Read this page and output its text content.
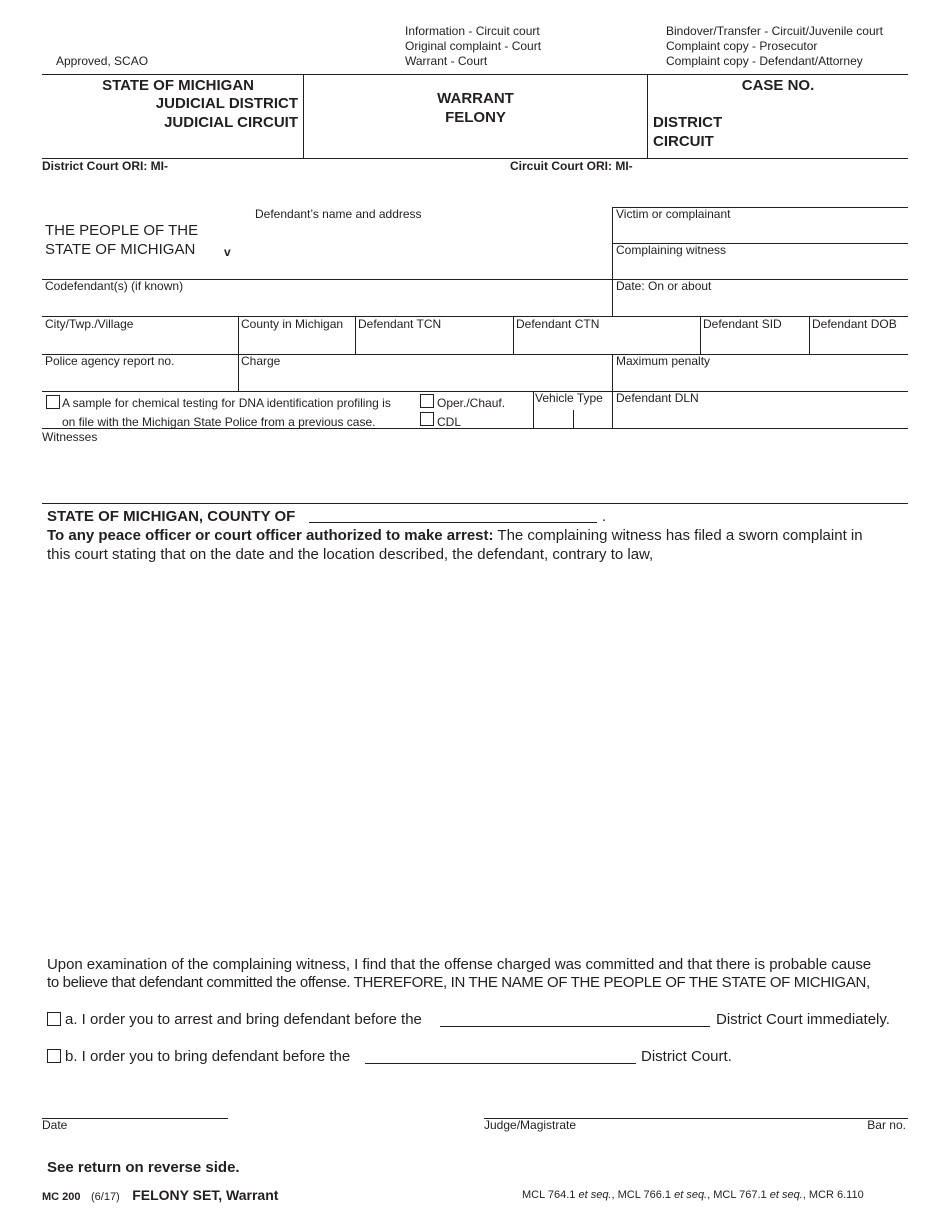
Information - Circuit court
Original complaint - Court
Warrant - Court
Bindover/Transfer - Circuit/Juvenile court
Complaint copy - Prosecutor
Complaint copy - Defendant/Attorney
Approved, SCAO
STATE OF MICHIGAN
JUDICIAL DISTRICT
JUDICIAL CIRCUIT
WARRANT
FELONY
CASE NO.
DISTRICT
CIRCUIT
District Court ORI: MI-	Circuit Court ORI: MI-
Defendant’s name and address
THE PEOPLE OF THE
STATE OF MICHIGAN v
Victim or complainant
Complaining witness
Codefendant(s) (if known)	Date: On or about
City/Twp./Village	County in Michigan Defendant TCN	Defendant CTN	Defendant SID	Defendant DOB
Police agency report no.	Charge	Maximum penalty
A sample for chemical testing for DNA identification profiling is
on file with the Michigan State Police from a previous case.
Oper./Chauf.
CDL
Vehicle Type Defendant DLN
Witnesses
STATE OF MICHIGAN, COUNTY OF	.
To any peace officer or court officer authorized to make arrest: The complaining witness has filed a sworn complaint in
this court stating that on the date and the location described, the defendant, contrary to law,
Upon examination of the complaining witness, I find that the offense charged was committed and that there is probable cause
to believe that defendant committed the offense. THEREFORE, IN THE NAME OF THE PEOPLE OF THE STATE OF MICHIGAN,
a. I order you to arrest and bring defendant before the	District Court immediately.
b. I order you to bring defendant before the	District Court.
Date	Judge/Magistrate	Bar no.
See return on reverse side.
MC 200 (6/17) FELONY SET, Warrant	MCL 764.1 et seq., MCL 766.1 et seq., MCL 767.1 et seq., MCR 6.110
